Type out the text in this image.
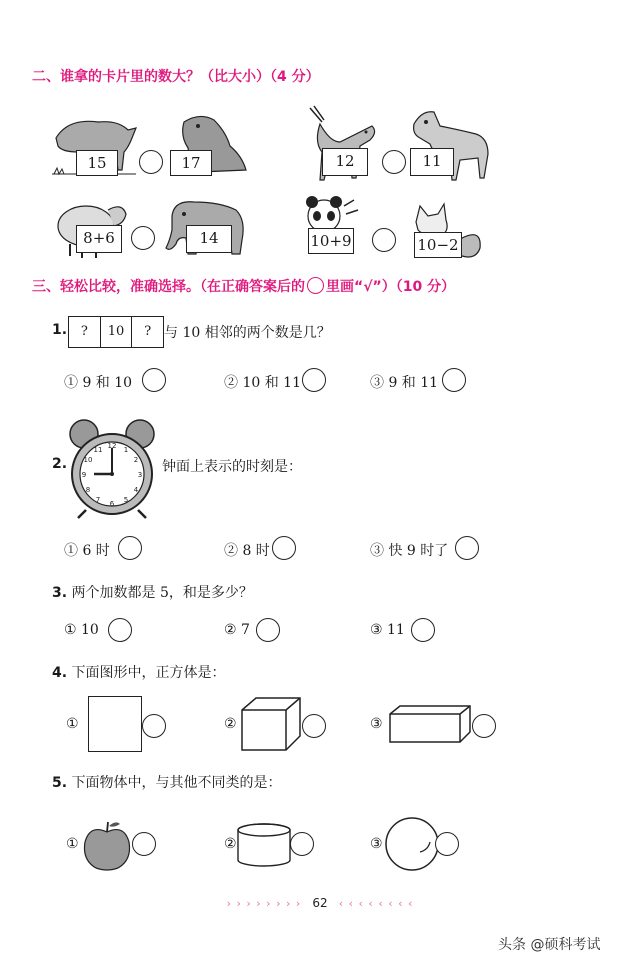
二、谁拿的卡片里的数大？（比大小）（4 分）
15	17	12	11
8+6	14	10+9	10−2
三、轻松比较，准确选择。（在正确答案后的 里画“√”）（10 分）
1.	?	10	? 与 10 相邻的两个数是几？
① 9 和 10	② 10 和 11	③ 9 和 11
2.
12 1
2
3
4
5
6
7
8
9
10
11
钟面上表示的时刻是：
① 6 时	② 8 时	③ 快 9 时了
3. 两个加数都是 5，和是多少？
① 10	② 7	③ 11
4. 下面图形中，正方体是：
①	②	③
5. 下面物体中，与其他不同类的是：
①	②	③
› › › › › › › › 62 ‹ ‹ ‹ ‹ ‹ ‹ ‹ ‹
头条 @硕科考试
